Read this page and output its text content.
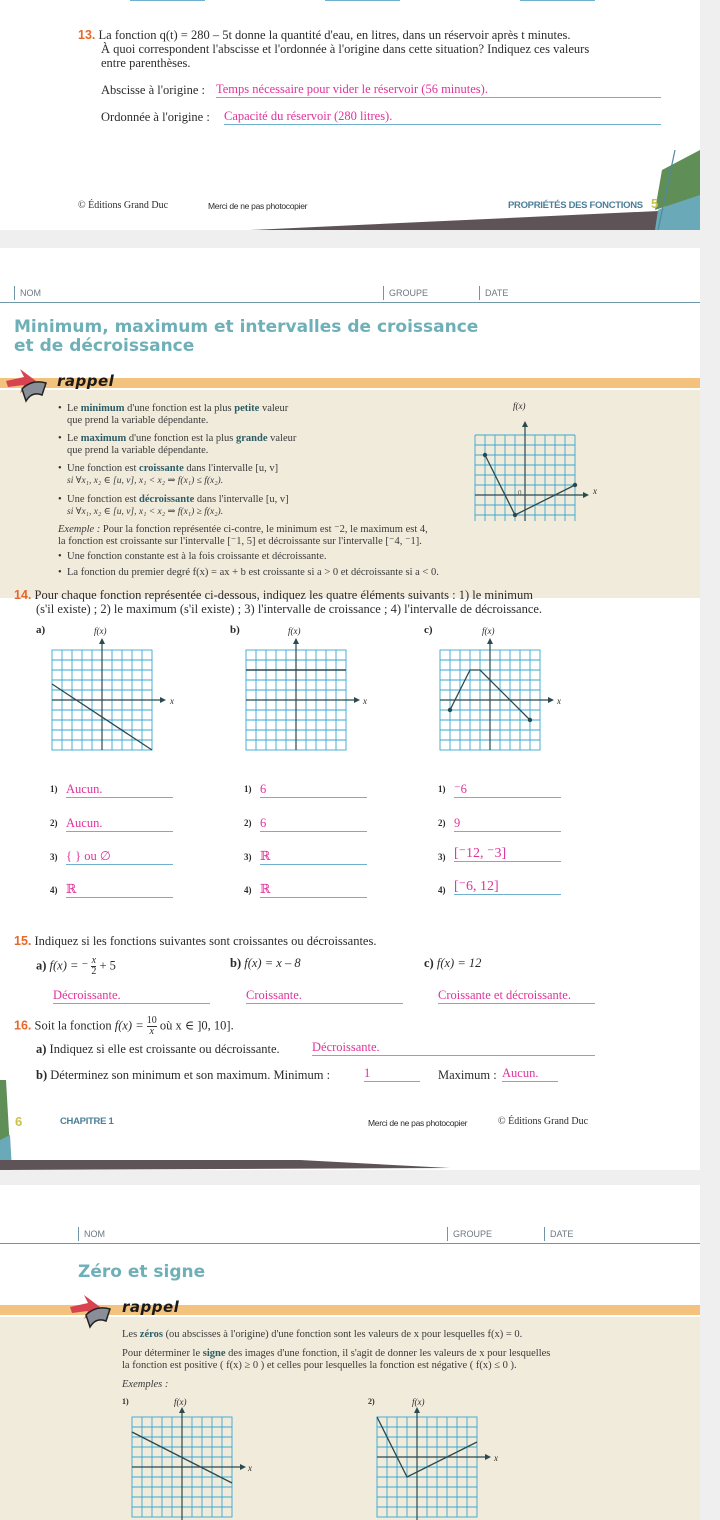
13. La fonction q(t) = 280 – 5t donne la quantité d'eau, en litres, dans un réservoir après t minutes.
À quoi correspondent l'abscisse et l'ordonnée à l'origine dans cette situation? Indiquez ces valeurs
entre parenthèses.
Abscisse à l'origine : Temps nécessaire pour vider le réservoir (56 minutes).
Ordonnée à l'origine : Capacité du réservoir (280 litres).
© Éditions Grand Duc	Merci de ne pas photocopier	PROPRIÉTÉS DES FONCTIONS 5
NOM	GROUPE	DATE
Minimum, maximum et intervalles de croissance
et de décroissance
rappel
• Le minimum d'une fonction est la plus petite valeur
que prend la variable dépendante.
• Le maximum d'une fonction est la plus grande valeur
que prend la variable dépendante.
• Une fonction est croissante dans l'intervalle [u, v]
si ∀x₁, x₂ ∈ [u, v], x₁ < x₂ ⇒ f(x₁) ≤ f(x₂).
• Une fonction est décroissante dans l'intervalle [u, v]
si ∀x₁, x₂ ∈ [u, v], x₁ < x₂ ⇒ f(x₁) ≥ f(x₂).
Exemple : Pour la fonction représentée ci-contre, le minimum est ⁻2, le maximum est 4,
la fonction est croissante sur l'intervalle [⁻1, 5] et décroissante sur l'intervalle [⁻4, ⁻1].
• Une fonction constante est à la fois croissante et décroissante.
• La fonction du premier degré f(x) = ax + b est croissante si a > 0 et décroissante si a < 0.
f(x)
x
0
14. Pour chaque fonction représentée ci-dessous, indiquez les quatre éléments suivants : 1) le minimum
(s'il existe) ; 2) le maximum (s'il existe) ; 3) l'intervalle de croissance ; 4) l'intervalle de décroissance.
a)	f(x)
x
b)	f(x)
x
c)	f(x)
x
1) Aucun.
2) Aucun.
3) { } ou ∅
4) ℝ
1) 6
2) 6
3) ℝ
4) ℝ
1) ⁻6
2) 9
3) [⁻12, ⁻3]
4) [⁻6, 12]
15. Indiquez si les fonctions suivantes sont croissantes ou décroissantes.
a) f(x) = ⁻ $\frac{x}{2} + 5$
Décroissante.
b) f(x) = x – 8
Croissante.
c) f(x) = 12
Croissante et décroissante.
16. Soit la fonction $f(x) = \frac{10}{x}$ où x ∈ ]0, 10].
a) Indiquez si elle est croissante ou décroissante.	Décroissante.
b) Déterminez son minimum et son maximum. Minimum :	1	Maximum : Aucun.
6	CHAPITRE 1	Merci de ne pas photocopier	© Éditions Grand Duc
NOM	GROUPE	DATE
Zéro et signe
rappel
Les zéros (ou abscisses à l'origine) d'une fonction sont les valeurs de x pour lesquelles f(x) = 0.
Pour déterminer le signe des images d'une fonction, il s'agit de donner les valeurs de x pour lesquelles
la fonction est positive ( f(x) ≥ 0 ) et celles pour lesquelles la fonction est négative ( f(x) ≤ 0 ).
Exemples :
1)	f(x)
x
2)	f(x)
x
